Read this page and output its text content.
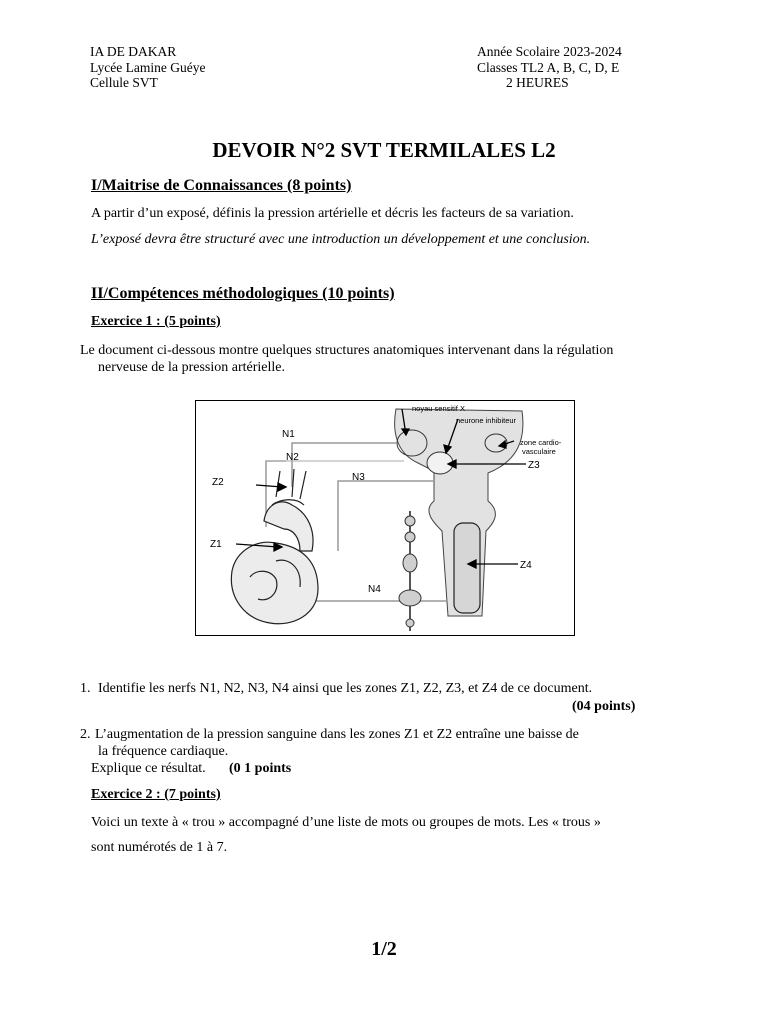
IA DE DAKAR
Lycée Lamine Guéye
Cellule SVT
Année Scolaire 2023-2024
Classes TL2 A, B, C, D, E
2 HEURES
DEVOIR N°2 SVT TERMILALES L2
I/Maitrise de Connaissances (8 points)
A partir d’un exposé, définis la pression artérielle et décris les facteurs de sa variation.
L’exposé devra être structuré avec une introduction un développement et une conclusion.
II/Compétences méthodologiques (10 points)
Exercice 1 : (5 points)
Le document ci-dessous montre quelques structures anatomiques intervenant dans la régulation
nerveuse de la pression artérielle.
noyau sensitif X
neurone inhibiteur
zone cardio-
vasculaire
N1
N2
N3
N4
Z2
Z1
Z3
Z4
1. Identifie les nerfs N1, N2, N3, N4 ainsi que les zones Z1, Z2, Z3, et Z4 de ce document.
(04 points)
2. L’augmentation de la pression sanguine dans les zones Z1 et Z2 entraîne une baisse de
la fréquence cardiaque.
Explique ce résultat. (0 1 points
Exercice 2 : (7 points)
Voici un texte à « trou » accompagné d’une liste de mots ou groupes de mots. Les « trous »
sont numérotés de 1 à 7.
1/2
